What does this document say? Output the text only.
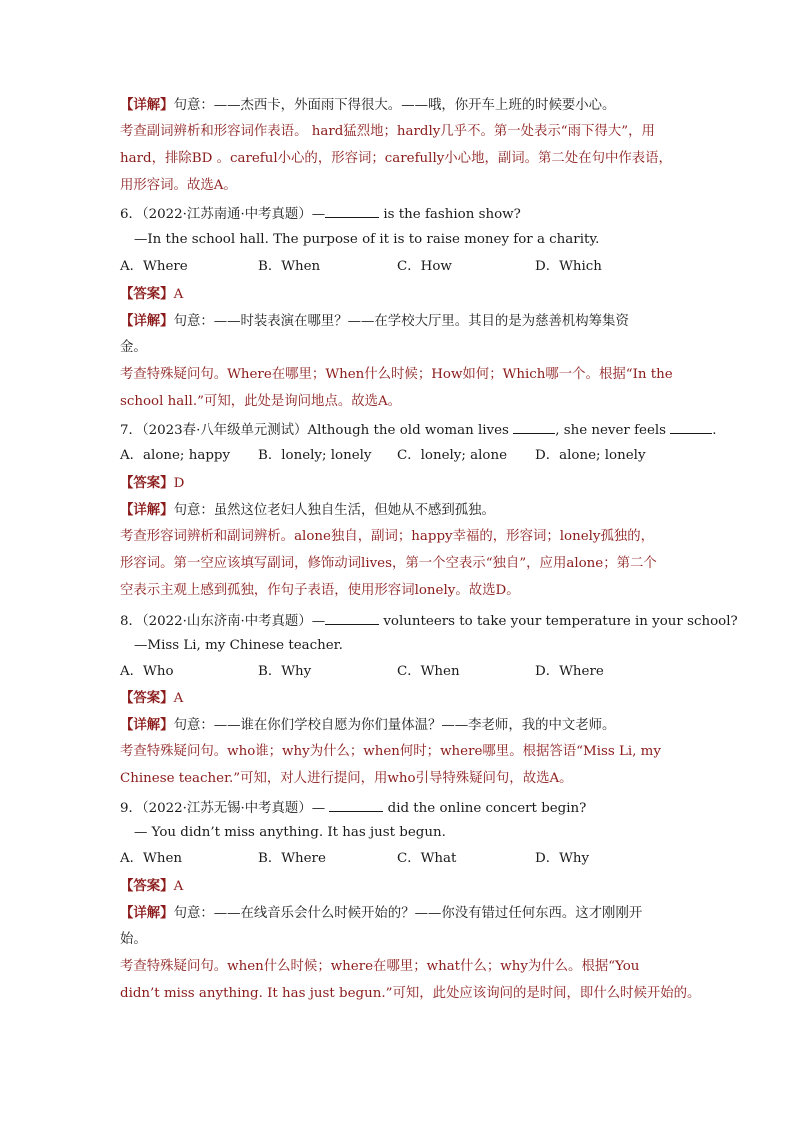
【详解】句意：——杰西卡，外面雨下得很大。——哦，你开车上班的时候要小心。
考查副词辨析和形容词作表语。 hard猛烈地；hardly几乎不。第一处表示“雨下得大”，用
hard，排除BD 。careful小心的，形容词；carefully小心地，副词。第二处在句中作表语，
用形容词。故选A。
6．（2022·江苏南通·中考真题）—	is the fashion show?
—In the school hall. The purpose of it is to raise money for a charity.
A．Where	B．When	C．How	D．Which
【答案】A
【详解】句意：——时装表演在哪里？——在学校大厅里。其目的是为慈善机构筹集资
金。
考查特殊疑问句。Where在哪里；When什么时候；How如何；Which哪一个。根据“In the
school hall.”可知，此处是询问地点。故选A。
7．（2023春·八年级单元测试）Although the old woman lives	, she never feels	.
A．alone; happy B．lonely; lonely C．lonely; alone D．alone; lonely
【答案】D
【详解】句意：虽然这位老妇人独自生活，但她从不感到孤独。
考查形容词辨析和副词辨析。alone独自，副词；happy幸福的，形容词；lonely孤独的，
形容词。第一空应该填写副词，修饰动词lives，第一个空表示“独自”，应用alone；第二个
空表示主观上感到孤独，作句子表语，使用形容词lonely。故选D。
8．（2022·山东济南·中考真题）—	volunteers to take your temperature in your school?
—Miss Li, my Chinese teacher.
A．Who	B．Why	C．When	D．Where
【答案】A
【详解】句意：——谁在你们学校自愿为你们量体温？——李老师，我的中文老师。
考查特殊疑问句。who谁；why为什么；when何时；where哪里。根据答语“Miss Li, my
Chinese teacher.”可知，对人进行提问，用who引导特殊疑问句，故选A。
9．（2022·江苏无锡·中考真题）—	did the online concert begin?
— You didn’t miss anything. It has just begun.
A．When	B．Where	C．What	D．Why
【答案】A
【详解】句意：——在线音乐会什么时候开始的？——你没有错过任何东西。这才刚刚开
始。
考查特殊疑问句。when什么时候；where在哪里；what什么；why为什么。根据“You
didn’t miss anything. It has just begun.”可知，此处应该询问的是时间，即什么时候开始的。
